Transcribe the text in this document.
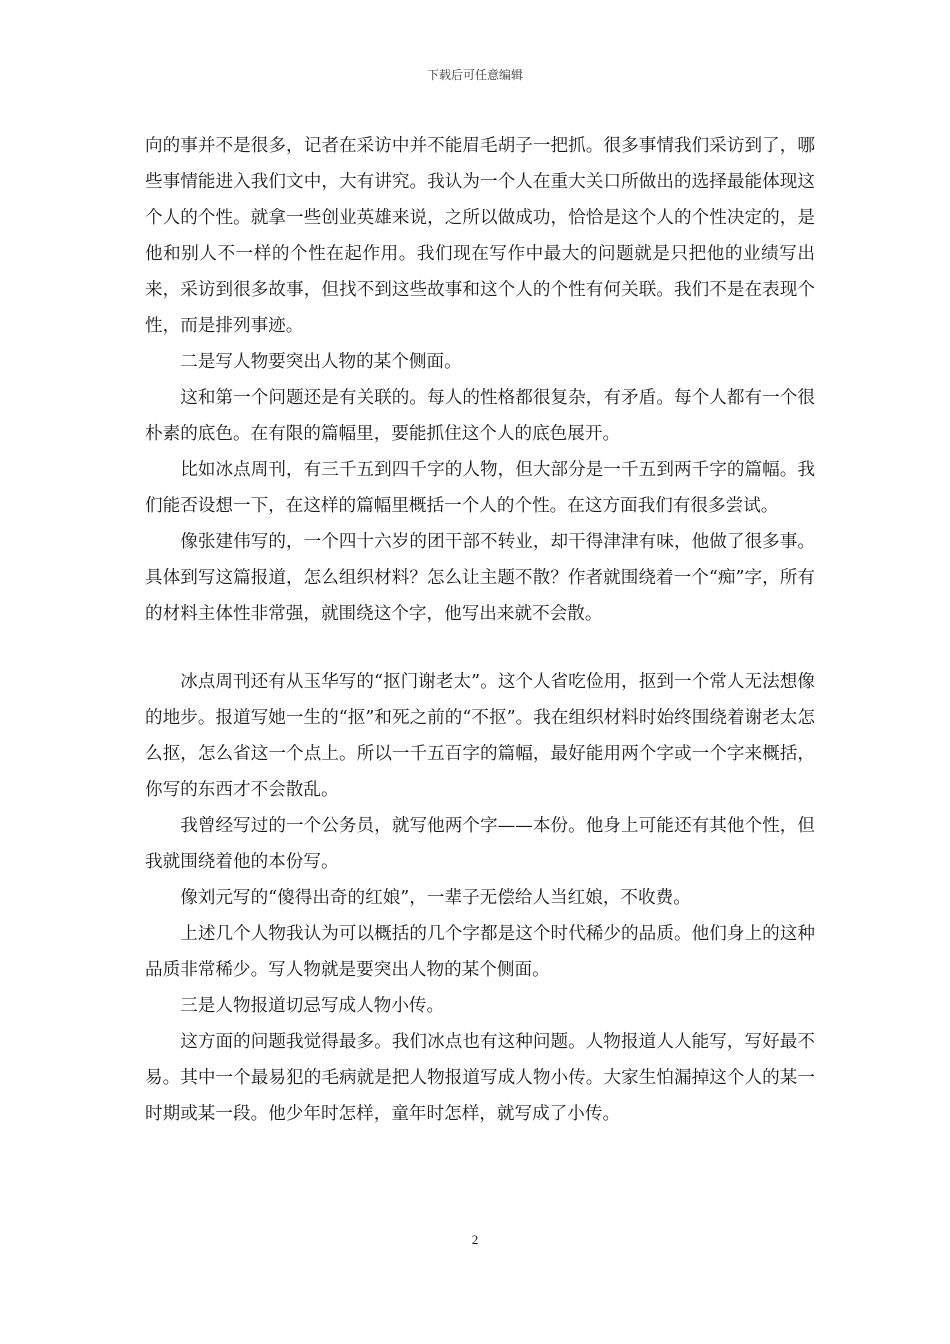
下载后可任意编辑

向的事并不是很多，记者在采访中并不能眉毛胡子一把抓。很多事情我们采访到了，哪些事情能进入我们文中，大有讲究。我认为一个人在重大关口所做出的选择最能体现这个人的个性。就拿一些创业英雄来说，之所以做成功，恰恰是这个人的个性决定的，是他和别人不一样的个性在起作用。我们现在写作中最大的问题就是只把他的业绩写出来，采访到很多故事，但找不到这些故事和这个人的个性有何关联。我们不是在表现个性，而是排列事迹。

二是写人物要突出人物的某个侧面。

这和第一个问题还是有关联的。每人的性格都很复杂，有矛盾。每个人都有一个很朴素的底色。在有限的篇幅里，要能抓住这个人的底色展开。

比如冰点周刊，有三千五到四千字的人物，但大部分是一千五到两千字的篇幅。我们能否设想一下，在这样的篇幅里概括一个人的个性。在这方面我们有很多尝试。

像张建伟写的，一个四十六岁的团干部不转业，却干得津津有味，他做了很多事。具体到写这篇报道，怎么组织材料？怎么让主题不散？作者就围绕着一个“痴”字，所有的材料主体性非常强，就围绕这个字，他写出来就不会散。

冰点周刊还有从玉华写的“抠门谢老太”。这个人省吃俭用，抠到一个常人无法想像的地步。报道写她一生的“抠”和死之前的“不抠”。我在组织材料时始终围绕着谢老太怎么抠，怎么省这一个点上。所以一千五百字的篇幅，最好能用两个字或一个字来概括，你写的东西才不会散乱。

我曾经写过的一个公务员，就写他两个字——本份。他身上可能还有其他个性，但我就围绕着他的本份写。

像刘元写的“傻得出奇的红娘”，一辈子无偿给人当红娘，不收费。

上述几个人物我认为可以概括的几个字都是这个时代稀少的品质。他们身上的这种品质非常稀少。写人物就是要突出人物的某个侧面。

三是人物报道切忌写成人物小传。

这方面的问题我觉得最多。我们冰点也有这种问题。人物报道人人能写，写好最不易。其中一个最易犯的毛病就是把人物报道写成人物小传。大家生怕漏掉这个人的某一时期或某一段。他少年时怎样，童年时怎样，就写成了小传。

2
